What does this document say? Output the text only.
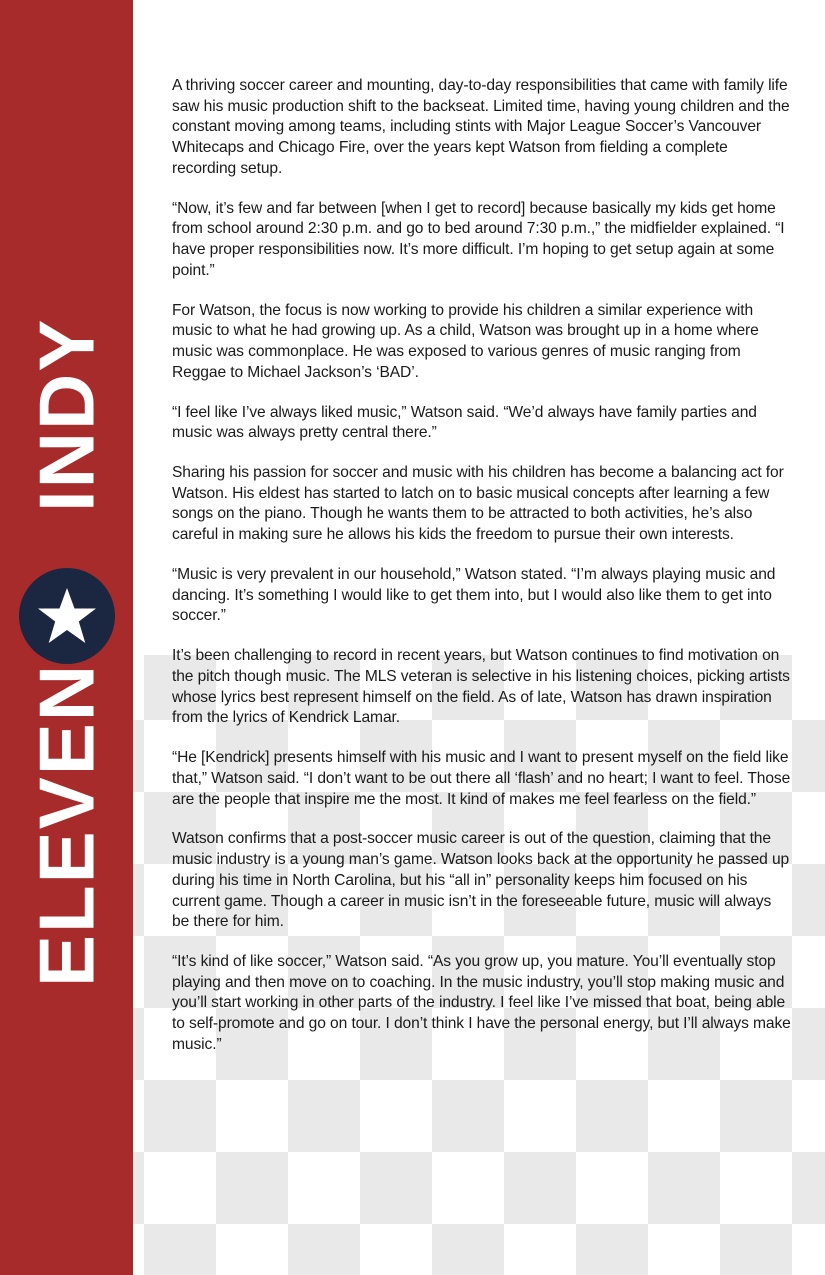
INDY
ELEVEN

A thriving soccer career and mounting, day-to-day responsibilities that came with family life saw his music production shift to the backseat. Limited time, having young children and the constant moving among teams, including stints with Major League Soccer’s Vancouver Whitecaps and Chicago Fire, over the years kept Watson from fielding a complete recording setup.

“Now, it’s few and far between [when I get to record] because basically my kids get home from school around 2:30 p.m. and go to bed around 7:30 p.m.,” the midfielder explained. “I have proper responsibilities now. It’s more difficult. I’m hoping to get setup again at some point.”

For Watson, the focus is now working to provide his children a similar experience with music to what he had growing up. As a child, Watson was brought up in a home where music was commonplace. He was exposed to various genres of music ranging from Reggae to Michael Jackson’s ‘BAD’.

“I feel like I’ve always liked music,” Watson said. “We’d always have family parties and music was always pretty central there.”

Sharing his passion for soccer and music with his children has become a balancing act for Watson. His eldest has started to latch on to basic musical concepts after learning a few songs on the piano. Though he wants them to be attracted to both activities, he’s also careful in making sure he allows his kids the freedom to pursue their own interests.

“Music is very prevalent in our household,” Watson stated. “I’m always playing music and dancing. It’s something I would like to get them into, but I would also like them to get into soccer.”

It’s been challenging to record in recent years, but Watson continues to find motivation on the pitch though music. The MLS veteran is selective in his listening choices, picking artists whose lyrics best represent himself on the field. As of late, Watson has drawn inspiration from the lyrics of Kendrick Lamar.

“He [Kendrick] presents himself with his music and I want to present myself on the field like that,” Watson said. “I don’t want to be out there all ‘flash’ and no heart; I want to feel. Those are the people that inspire me the most. It kind of makes me feel fearless on the field.”

Watson confirms that a post-soccer music career is out of the question, claiming that the music industry is a young man’s game. Watson looks back at the opportunity he passed up during his time in North Carolina, but his “all in” personality keeps him focused on his current game. Though a career in music isn’t in the foreseeable future, music will always be there for him.

“It’s kind of like soccer,” Watson said. “As you grow up, you mature. You’ll eventually stop playing and then move on to coaching. In the music industry, you’ll stop making music and you’ll start working in other parts of the industry. I feel like I’ve missed that boat, being able to self-promote and go on tour. I don’t think I have the personal energy, but I’ll always make music.”
